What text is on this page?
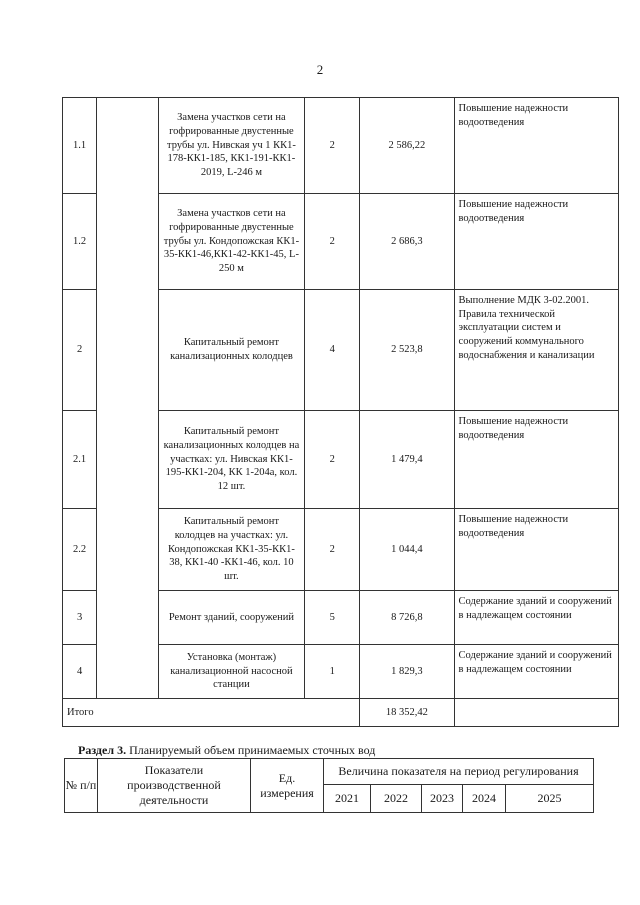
2
1.1		Замена участков сети на гофрированные двустенные трубы ул. Нивская уч 1 КК1-178-КК1-185, КК1-191-КК1-2019, L-246 м	2	2 586,22	Повышение надежности водоотведения
1.2		Замена участков сети на гофрированные двустенные трубы ул. Кондопожская КК1-35-КК1-46,КК1-42-КК1-45, L- 250 м	2	2 686,3	Повышение надежности водоотведения
2		Капитальный ремонт канализационных колодцев	4	2 523,8	Выполнение МДК 3-02.2001. Правила технической эксплуатации систем и сооружений коммунального водоснабжения и канализации
2.1		Капитальный ремонт канализационных колодцев на участках: ул. Нивская КК1-195-КК1-204, КК 1-204а, кол. 12 шт.	2	1 479,4	Повышение надежности водоотведения
2.2		Капитальный ремонт колодцев на участках: ул. Кондопожская КК1-35-КК1-38, КК1-40 -КК1-46, кол. 10 шт.	2	1 044,4	Повышение надежности водоотведения
3		Ремонт зданий, сооружений	5	8 726,8	Содержание зданий и сооружений в надлежащем состоянии
4		Установка (монтаж) канализационной насосной станции	1	1 829,3	Содержание зданий и сооружений в надлежащем состоянии
Итого				18 352,42	
Раздел 3. Планируемый объем принимаемых сточных вод
№ п/п	Показатели производственной деятельности	Ед. измерения	Величина показателя на период регулирования				
			2021	2022	2023	2024	2025
